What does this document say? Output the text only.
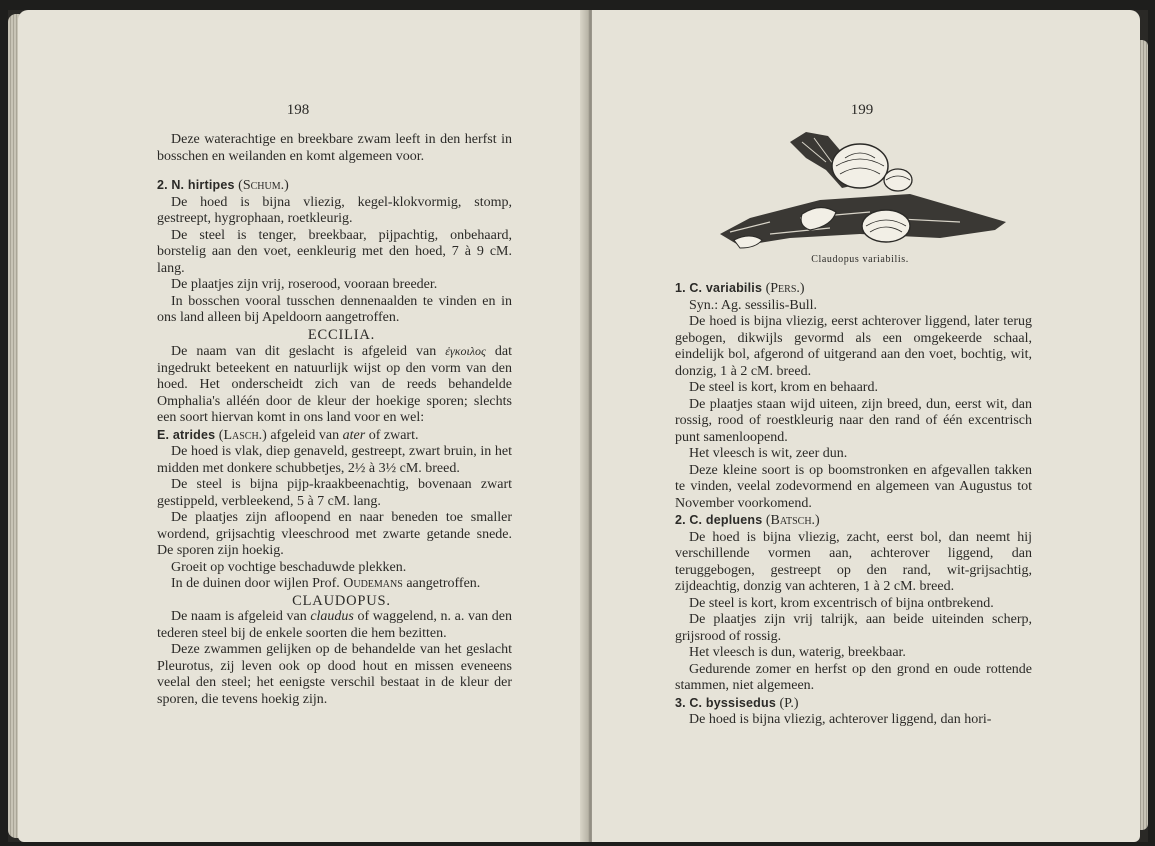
198

Deze waterachtige en breekbare zwam leeft in den herfst in bosschen en weilanden en komt algemeen voor.

2. N. hirtipes (Schum.)

De hoed is bijna vliezig, kegel-klokvormig, stomp, gestreept, hygrophaan, roetkleurig.

De steel is tenger, breekbaar, pijpachtig, onbehaard, borstelig aan den voet, eenkleurig met den hoed, 7 à 9 cM. lang.

De plaatjes zijn vrij, roserood, vooraan breeder.

In bosschen vooral tusschen dennenaalden te vinden en in ons land alleen bij Apeldoorn aangetroffen.

ECCILIA.

De naam van dit geslacht is afgeleid van ἐγκοιλος dat ingedrukt beteekent en natuurlijk wijst op den vorm van den hoed. Het onderscheidt zich van de reeds behandelde Omphalia's alléén door de kleur der hoekige sporen; slechts een soort hiervan komt in ons land voor en wel:

E. atrides (Lasch.) afgeleid van ater of zwart.

De hoed is vlak, diep genaveld, gestreept, zwart bruin, in het midden met donkere schubbetjes, 2½ à 3½ cM. breed.

De steel is bijna pijp-kraakbeenachtig, bovenaan zwart gestippeld, verbleekend, 5 à 7 cM. lang.

De plaatjes zijn afloopend en naar beneden toe smaller wordend, grijsachtig vleeschrood met zwarte getande snede. De sporen zijn hoekig.

Groeit op vochtige beschaduwde plekken.

In de duinen door wijlen Prof. Oudemans aangetroffen.

CLAUDOPUS.

De naam is afgeleid van claudus of waggelend, n. a. van den tederen steel bij de enkele soorten die hem bezitten.

Deze zwammen gelijken op de behandelde van het geslacht Pleurotus, zij leven ook op dood hout en missen eveneens veelal den steel; het eenigste verschil bestaat in de kleur der sporen, die tevens hoekig zijn.

199
Claudopus variabilis.

1. C. variabilis (Pers.)

Syn.: Ag. sessilis-Bull.

De hoed is bijna vliezig, eerst achterover liggend, later terug gebogen, dikwijls gevormd als een omgekeerde schaal, eindelijk bol, afgerond of uitgerand aan den voet, bochtig, wit, donzig, 1 à 2 cM. breed.

De steel is kort, krom en behaard.

De plaatjes staan wijd uiteen, zijn breed, dun, eerst wit, dan rossig, rood of roestkleurig naar den rand of één excentrisch punt samenloopend.

Het vleesch is wit, zeer dun.

Deze kleine soort is op boomstronken en afgevallen takken te vinden, veelal zodevormend en algemeen van Augustus tot November voorkomend.

2. C. depluens (Batsch.)

De hoed is bijna vliezig, zacht, eerst bol, dan neemt hij verschillende vormen aan, achterover liggend, dan teruggebogen, gestreept op den rand, wit-grijsachtig, zijdeachtig, donzig van achteren, 1 à 2 cM. breed.

De steel is kort, krom excentrisch of bijna ontbrekend.

De plaatjes zijn vrij talrijk, aan beide uiteinden scherp, grijsrood of rossig.

Het vleesch is dun, waterig, breekbaar.

Gedurende zomer en herfst op den grond en oude rottende stammen, niet algemeen.

3. C. byssisedus (P.)

De hoed is bijna vliezig, achterover liggend, dan hori-
